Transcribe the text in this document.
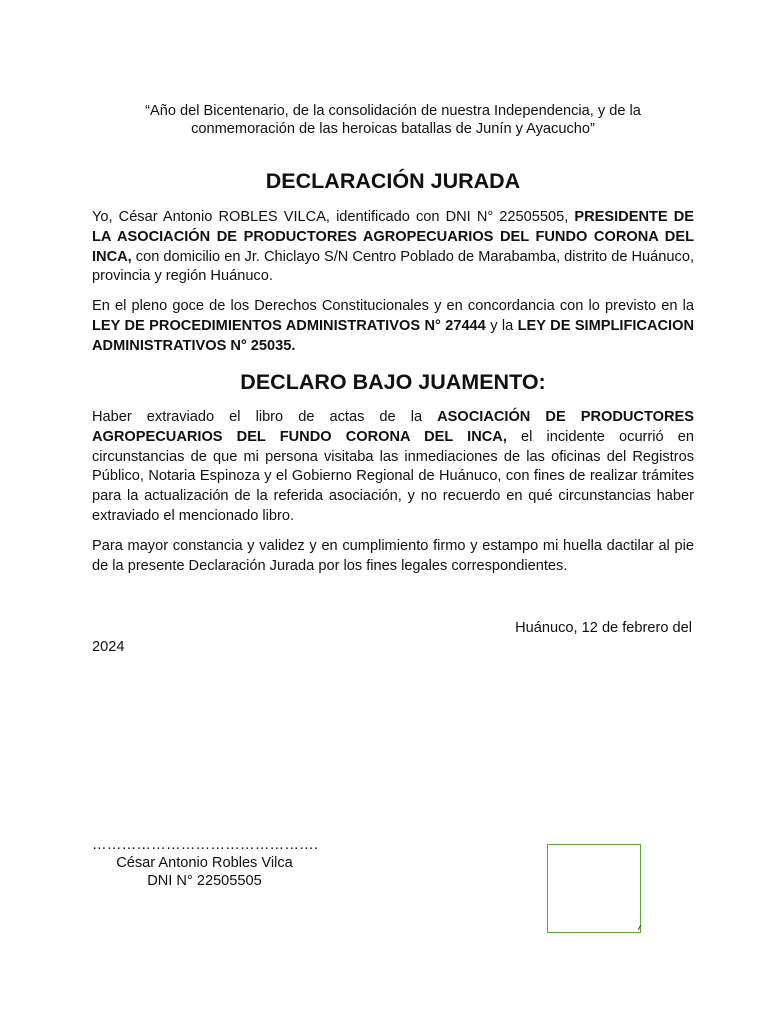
“Año del Bicentenario, de la consolidación de nuestra Independencia, y de la
conmemoración de las heroicas batallas de Junín y Ayacucho”
DECLARACIÓN JURADA
Yo, César Antonio ROBLES VILCA, identificado con DNI N° 22505505, PRESIDENTE DE LA ASOCIACIÓN DE PRODUCTORES AGROPECUARIOS DEL FUNDO CORONA DEL INCA, con domicilio en Jr. Chiclayo S/N Centro Poblado de Marabamba, distrito de Huánuco, provincia y región Huánuco.
En el pleno goce de los Derechos Constitucionales y en concordancia con lo previsto en la LEY DE PROCEDIMIENTOS ADMINISTRATIVOS N° 27444 y la LEY DE SIMPLIFICACION ADMINISTRATIVOS N° 25035.
DECLARO BAJO JUAMENTO:
Haber extraviado el libro de actas de la ASOCIACIÓN DE PRODUCTORES AGROPECUARIOS DEL FUNDO CORONA DEL INCA, el incidente ocurrió en circunstancias de que mi persona visitaba las inmediaciones de las oficinas del Registros Público, Notaria Espinoza y el Gobierno Regional de Huánuco, con fines de realizar trámites para la actualización de la referida asociación, y no recuerdo en qué circunstancias haber extraviado el mencionado libro.
Para mayor constancia y validez y en cumplimiento firmo y estampo mi huella dactilar al pie de la presente Declaración Jurada por los fines legales correspondientes.
Huánuco, 12 de febrero del
2024
……………………………………….
César Antonio Robles Vilca
DNI N° 22505505
